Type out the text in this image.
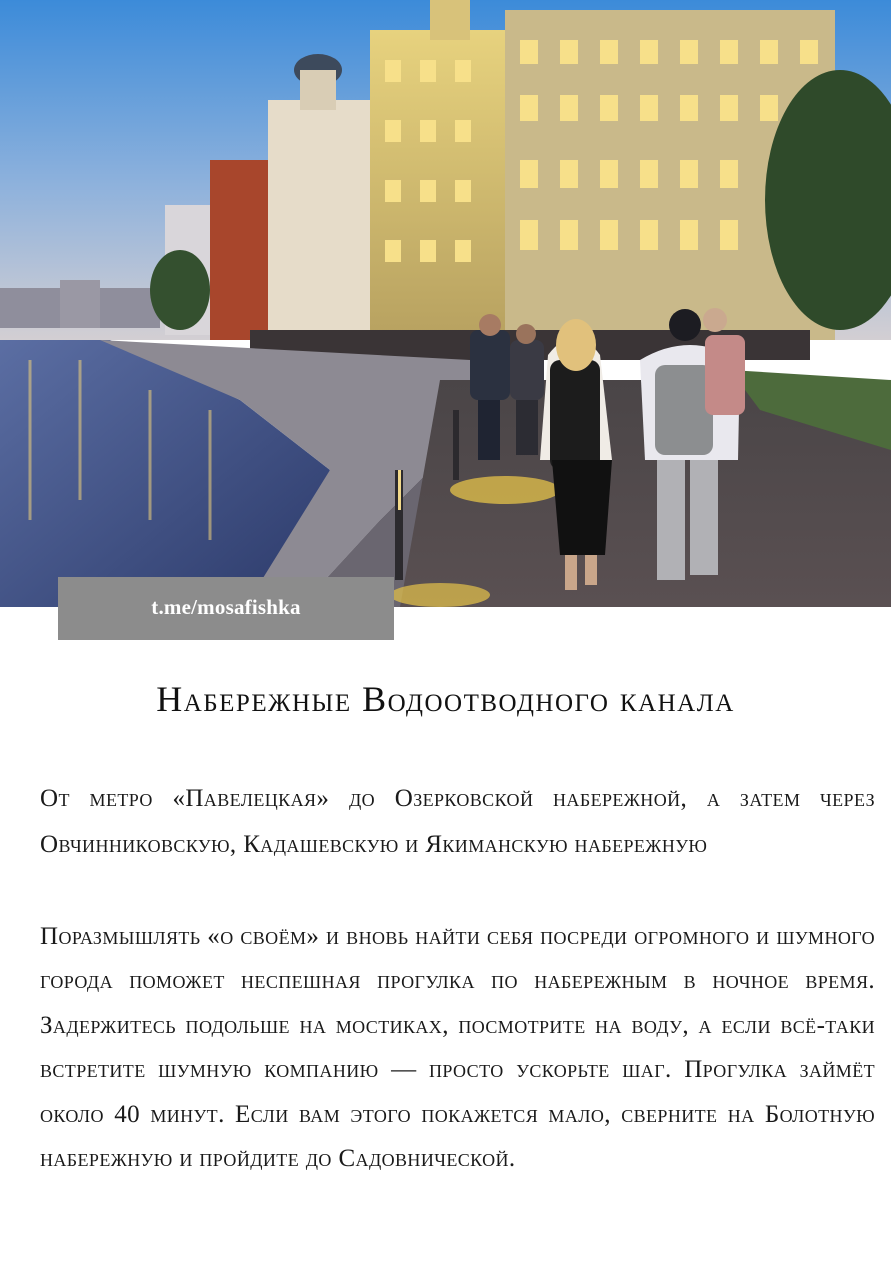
t.me/mosafishka
Набережные Водоотводного канала

От метро «Павелецкая» до Озерковской набережной, а затем через Овчинниковскую, Кадашевскую и Якиманскую набережную

Поразмышлять «о своём» и вновь найти себя посреди огромного и шумного города поможет неспешная прогулка по набережным в ночное время. Задержитесь подольше на мостиках, посмотрите на воду, а если всё-таки встретите шумную компанию — просто ускорьте шаг. Прогулка займёт около 40 минут. Если вам этого покажется мало, сверните на Болотную набережную и пройдите до Садовнической.
